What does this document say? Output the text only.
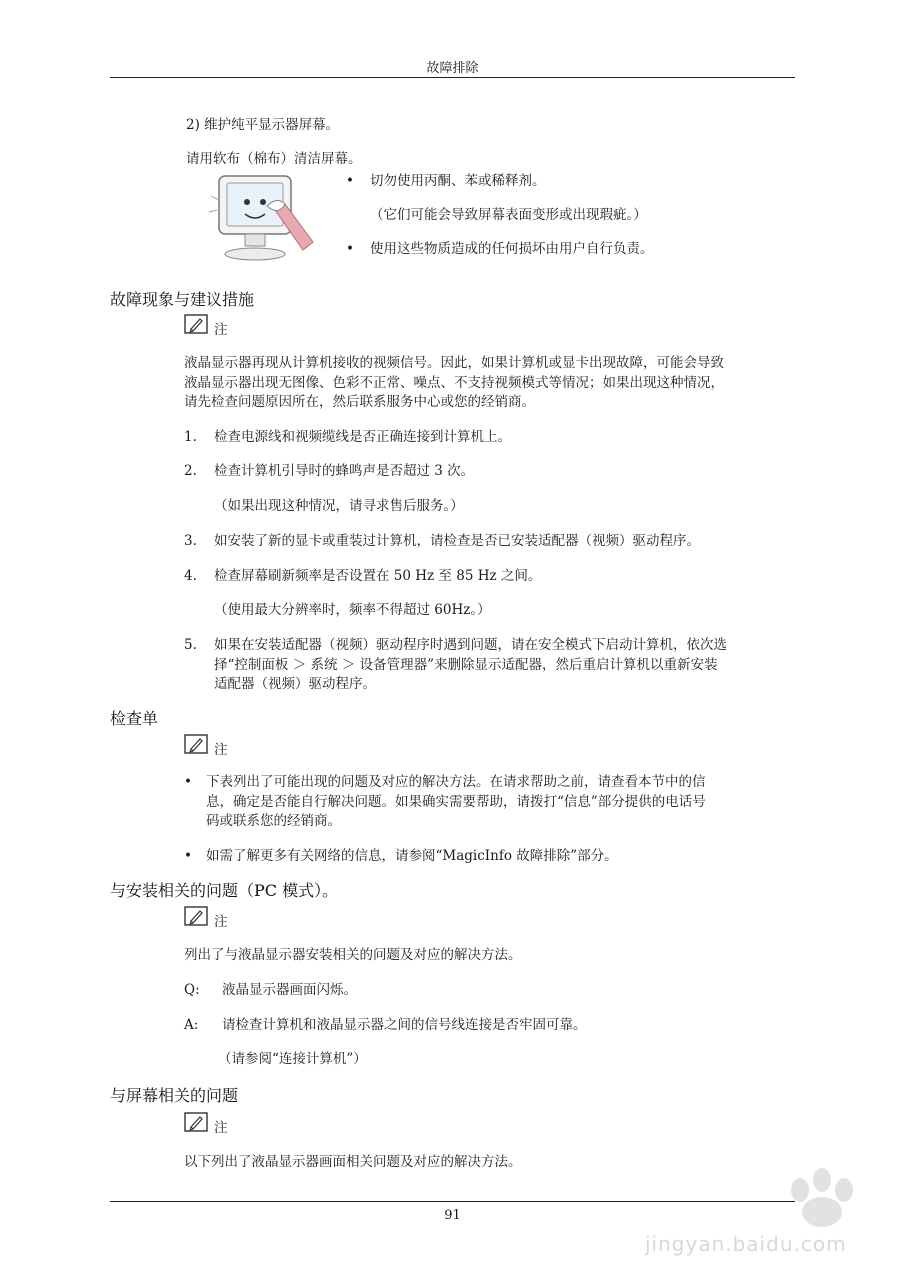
故障排除
2) 维护纯平显示器屏幕。
请用软布（棉布）清洁屏幕。
• 切勿使用丙酮、苯或稀释剂。
（它们可能会导致屏幕表面变形或出现瑕疵。）
• 使用这些物质造成的任何损坏由用户自行负责。
故障现象与建议措施
注
液晶显示器再现从计算机接收的视频信号。因此，如果计算机或显卡出现故障，可能会导致
液晶显示器出现无图像、色彩不正常、噪点、不支持视频模式等情况；如果出现这种情况，
请先检查问题原因所在，然后联系服务中心或您的经销商。
1. 检查电源线和视频缆线是否正确连接到计算机上。
2. 检查计算机引导时的蜂鸣声是否超过 3 次。
（如果出现这种情况，请寻求售后服务。）
3. 如安装了新的显卡或重装过计算机，请检查是否已安装适配器（视频）驱动程序。
4. 检查屏幕刷新频率是否设置在 50 Hz 至 85 Hz 之间。
（使用最大分辨率时，频率不得超过 60Hz。）
5. 如果在安装适配器（视频）驱动程序时遇到问题，请在安全模式下启动计算机，依次选
择“控制面板 ＞ 系统 ＞ 设备管理器”来删除显示适配器，然后重启计算机以重新安装
适配器（视频）驱动程序。
检查单
注
• 下表列出了可能出现的问题及对应的解决方法。在请求帮助之前，请查看本节中的信
息，确定是否能自行解决问题。如果确实需要帮助，请拨打“信息”部分提供的电话号
码或联系您的经销商。
• 如需了解更多有关网络的信息，请参阅“MagicInfo 故障排除”部分。
与安装相关的问题（PC 模式）。
注
列出了与液晶显示器安装相关的问题及对应的解决方法。
Q: 液晶显示器画面闪烁。
A: 请检查计算机和液晶显示器之间的信号线连接是否牢固可靠。
（请参阅“连接计算机”）
与屏幕相关的问题
注
以下列出了液晶显示器画面相关问题及对应的解决方法。
91
jingyan.baidu.com
